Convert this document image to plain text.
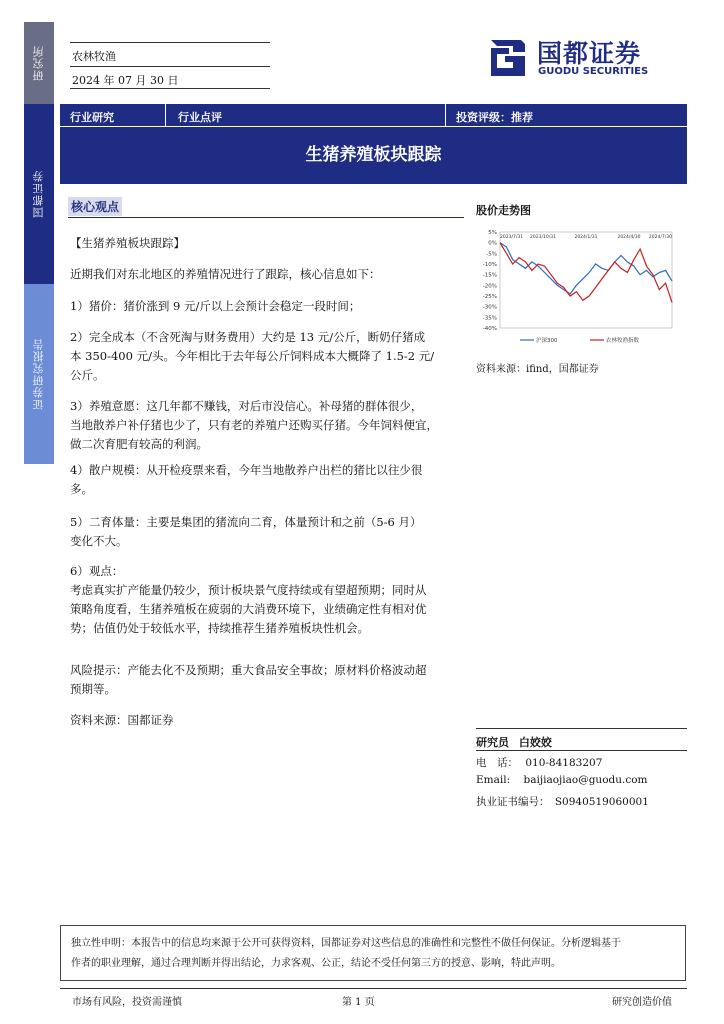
研究所
国都证券
证券研究报告
农林牧渔
2024 年 07 月 30 日
国都证券
GUODU SECURITIES
行业研究	行业点评	投资评级：推荐
生猪养殖板块跟踪
核心观点
【生猪养殖板块跟踪】
近期我们对东北地区的养殖情况进行了跟踪，核心信息如下：
1）猪价：猪价涨到 9 元/斤以上会预计会稳定一段时间；
2）完全成本（不含死淘与财务费用）大约是 13 元/公斤，断奶仔猪成
本 350-400 元/头。今年相比于去年每公斤饲料成本大概降了 1.5-2 元/
公斤。
3）养殖意愿：这几年都不赚钱，对后市没信心。补母猪的群体很少，
当地散养户补仔猪也少了，只有老的养殖户还购买仔猪。今年饲料便宜，
做二次育肥有较高的利润。
4）散户规模：从开检疫票来看，今年当地散养户出栏的猪比以往少很
多。
5）二育体量：主要是集团的猪流向二育，体量预计和之前（5-6 月）
变化不大。
6）观点：
考虑真实扩产能量仍较少，预计板块景气度持续或有望超预期；同时从
策略角度看，生猪养殖板在疲弱的大消费环境下，业绩确定性有相对优
势；估值仍处于较低水平，持续推荐生猪养殖板块性机会。
风险提示：产能去化不及预期；重大食品安全事故；原材料价格波动超
预期等。
资料来源：国都证券
股价走势图
5%
0%
-5%
-10%
-15%
-20%
-25%
-30%
-35%
-40%
2023/7/31 2023/10/31	2024/1/31	2024/4/30 2024/7/30
沪深300	农林牧渔指数
资料来源：ifind，国都证券
研究员 白姣姣
电　话： 010-84183207
Email: baijiaojiao@guodu.com
执业证书编号： S0940519060001
独立性申明：本报告中的信息均来源于公开可获得资料，国都证券对这些信息的准确性和完整性不做任何保证。分析逻辑基于
作者的职业理解，通过合理判断并得出结论，力求客观、公正，结论不受任何第三方的授意、影响，特此声明。
市场有风险，投资需谨慎	第 1 页	研究创造价值
